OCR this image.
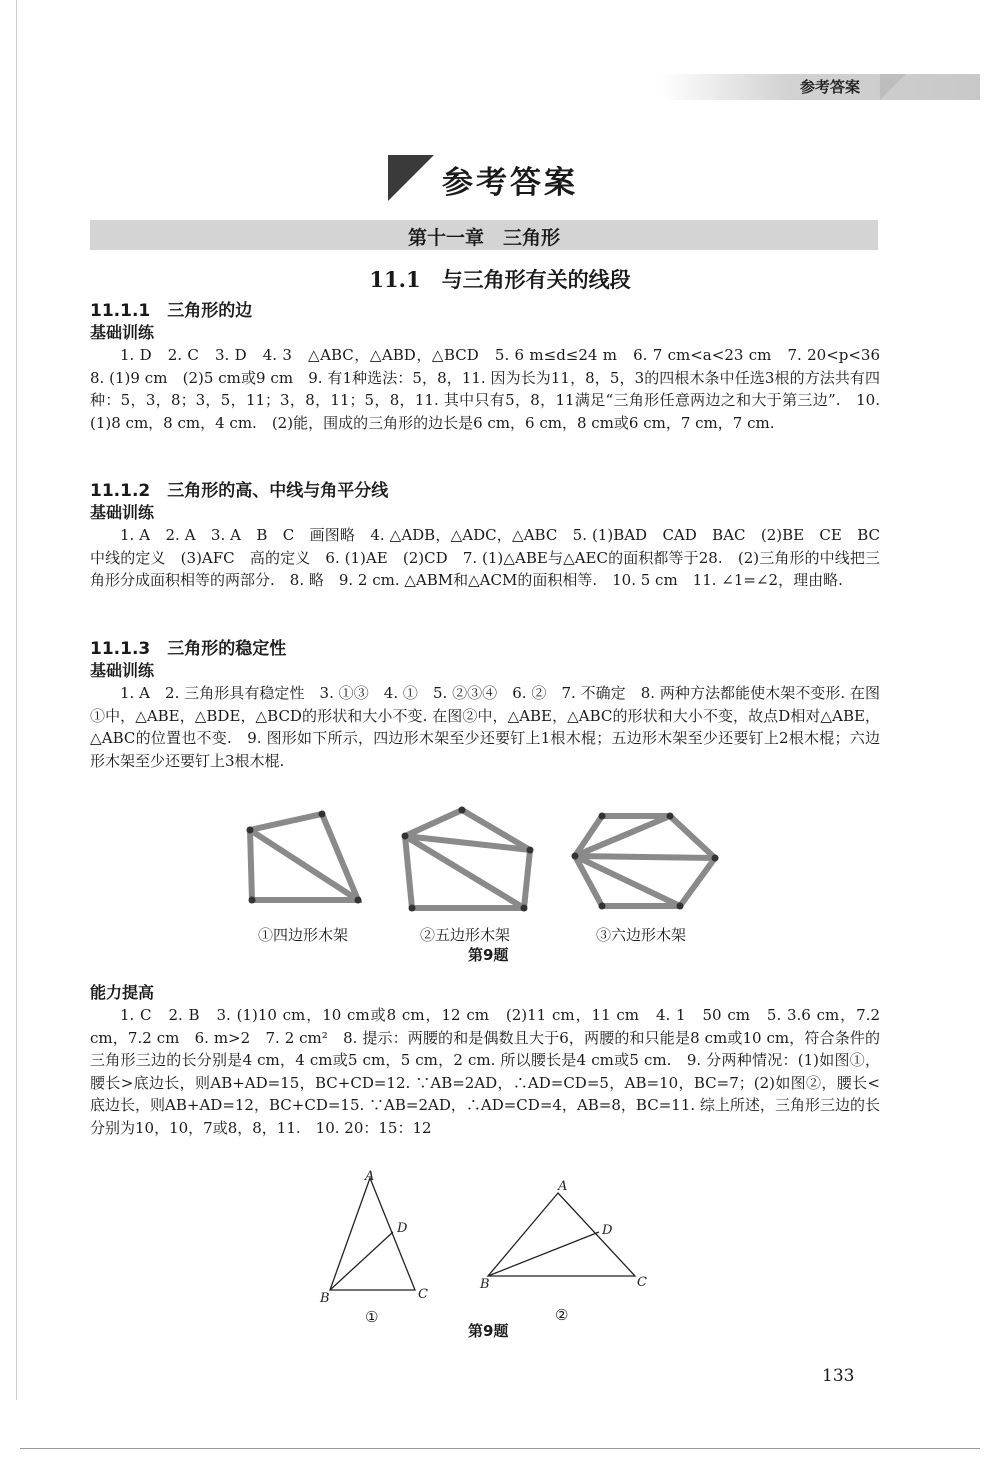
参考答案
参考答案
第十一章　三角形
11.1　与三角形有关的线段
11.1.1　三角形的边
基础训练

1. D　2. C　3. D　4. 3　△ABC，△ABD，△BCD　5. 6 m≤d≤24 m　6. 7 cm<a<23 cm　7. 20<p<36　8. (1)9 cm　(2)5 cm或9 cm　9. 有1种选法：5，8，11. 因为长为11，8，5，3的四根木条中任选3根的方法共有四种：5，3，8；3，5，11；3，8，11；5，8，11. 其中只有5，8，11满足“三角形任意两边之和大于第三边”.　10. (1)8 cm，8 cm，4 cm.　(2)能，围成的三角形的边长是6 cm，6 cm，8 cm或6 cm，7 cm，7 cm.

11.1.2　三角形的高、中线与角平分线
基础训练

1. A　2. A　3. A　B　C　画图略　4. △ADB，△ADC，△ABC　5. (1)BAD　CAD　BAC　(2)BE　CE　BC　中线的定义　(3)AFC　高的定义　6. (1)AE　(2)CD　7. (1)△ABE与△AEC的面积都等于28.　(2)三角形的中线把三角形分成面积相等的两部分.　8. 略　9. 2 cm. △ABM和△ACM的面积相等.　10. 5 cm　11. ∠1=∠2，理由略.

11.1.3　三角形的稳定性
基础训练

1. A　2. 三角形具有稳定性　3. ①③　4. ①　5. ②③④　6. ②　7. 不确定　8. 两种方法都能使木架不变形. 在图①中，△ABE，△BDE，△BCD的形状和大小不变. 在图②中，△ABE，△ABC的形状和大小不变，故点D相对△ABE，△ABC的位置也不变.　9. 图形如下所示，四边形木架至少还要钉上1根木棍；五边形木架至少还要钉上2根木棍；六边形木架至少还要钉上3根木棍.

①四边形木架	②五边形木架	③六边形木架
第9题
能力提高

1. C　2. B　3. (1)10 cm，10 cm或8 cm，12 cm　(2)11 cm，11 cm　4. 1　50 cm　5. 3.6 cm，7.2 cm，7.2 cm　6. m>2　7. 2 cm²　8. 提示：两腰的和是偶数且大于6，两腰的和只能是8 cm或10 cm，符合条件的三角形三边的长分别是4 cm，4 cm或5 cm，5 cm，2 cm. 所以腰长是4 cm或5 cm.　9. 分两种情况：(1)如图①，腰长>底边长，则AB+AD=15，BC+CD=12. ∵AB=2AD，∴AD=CD=5，AB=10，BC=7；(2)如图②，腰长<底边长，则AB+AD=12，BC+CD=15. ∵AB=2AD，∴AD=CD=4，AB=8，BC=11. 综上所述，三角形三边的长分别为10，10，7或8，8，11.　10. 20：15：12

A
B	C
D
A
B	C
D
①	②
第9题
133
